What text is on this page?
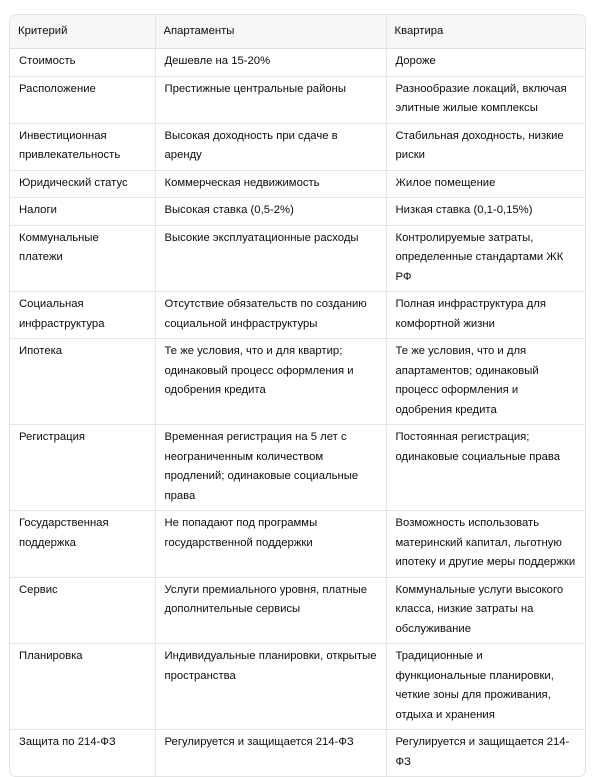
Критерий	Апартаменты	Квартира
Стоимость	Дешевле на 15-20%	Дороже
Расположение	Престижные центральные районы	Разнообразие локаций, включая элитные жилые комплексы
Инвестиционная привлекательность	Высокая доходность при сдаче в аренду	Стабильная доходность, низкие риски
Юридический статус	Коммерческая недвижимость	Жилое помещение
Налоги	Высокая ставка (0,5-2%)	Низкая ставка (0,1-0,15%)
Коммунальные платежи	Высокие эксплуатационные расходы	Контролируемые затраты, определенные стандартами ЖК РФ
Социальная инфраструктура	Отсутствие обязательств по созданию социальной инфраструктуры	Полная инфраструктура для комфортной жизни
Ипотека	Те же условия, что и для квартир; одинаковый процесс оформления и одобрения кредита	Те же условия, что и для апартаментов; одинаковый процесс оформления и одобрения кредита
Регистрация	Временная регистрация на 5 лет с неограниченным количеством продлений; одинаковые социальные права	Постоянная регистрация; одинаковые социальные права
Государственная поддержка	Не попадают под программы государственной поддержки	Возможность использовать материнский капитал, льготную ипотеку и другие меры поддержки
Сервис	Услуги премиального уровня, платные дополнительные сервисы	Коммунальные услуги высокого класса, низкие затраты на обслуживание
Планировка	Индивидуальные планировки, открытые пространства	Традиционные и функциональные планировки, четкие зоны для проживания, отдыха и хранения
Защита по 214-ФЗ	Регулируется и защищается 214-ФЗ	Регулируется и защищается 214-ФЗ
